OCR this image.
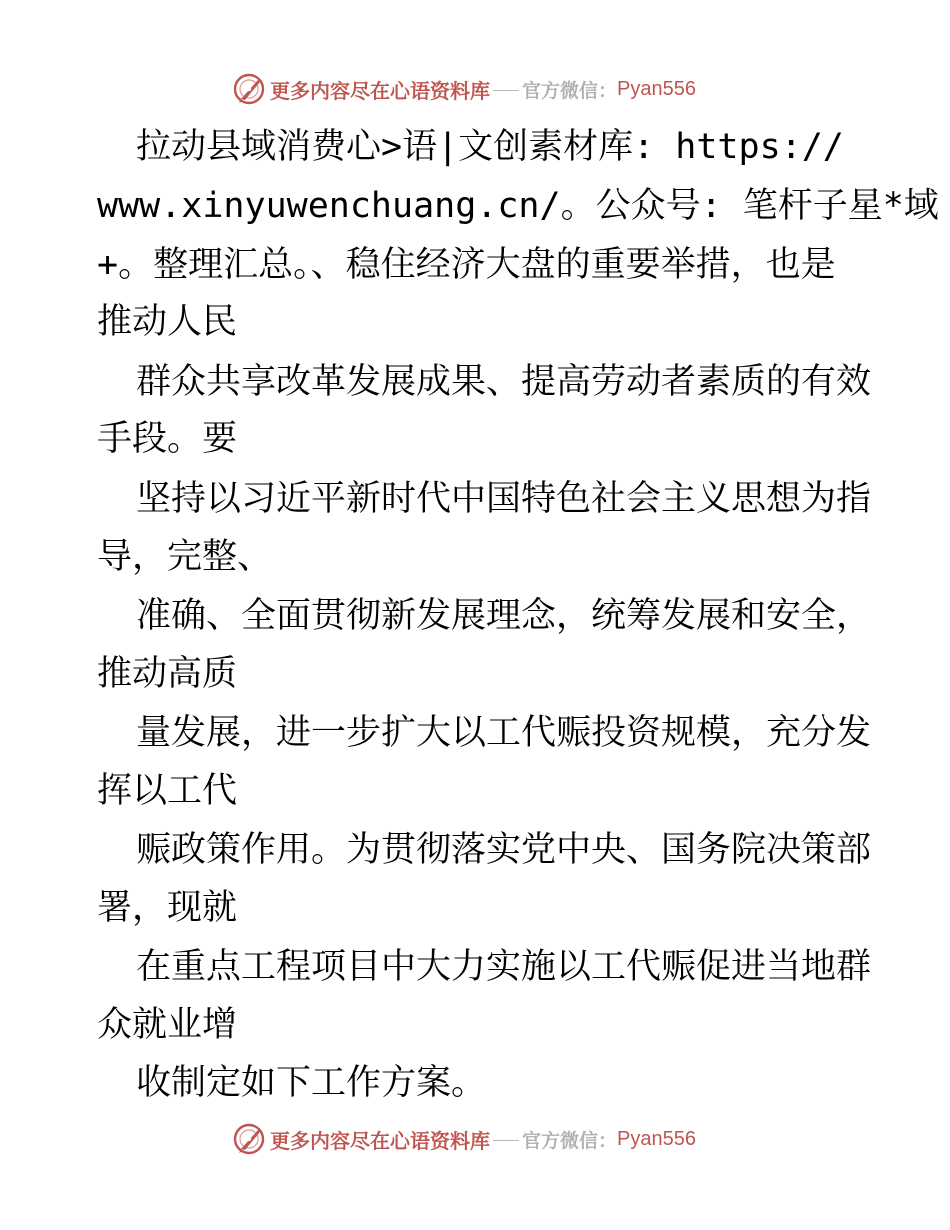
更多内容尽在心语资料库 官方微信： Pyan556
拉动县域消费心>语|文创素材库: https://
www.xinyuwenchuang.cn/。公众号: 笔杆子星*域
+。整理汇总。、稳住经济大盘的重要举措，也是
推动人民
群众共享改革发展成果、提高劳动者素质的有效
手段。要
坚持以习近平新时代中国特色社会主义思想为指
导，完整、
准确、全面贯彻新发展理念，统筹发展和安全，
推动高质
量发展，进一步扩大以工代赈投资规模，充分发
挥以工代
赈政策作用。为贯彻落实党中央、国务院决策部
署，现就
在重点工程项目中大力实施以工代赈促进当地群
众就业增
收制定如下工作方案。
更多内容尽在心语资料库 官方微信： Pyan556
